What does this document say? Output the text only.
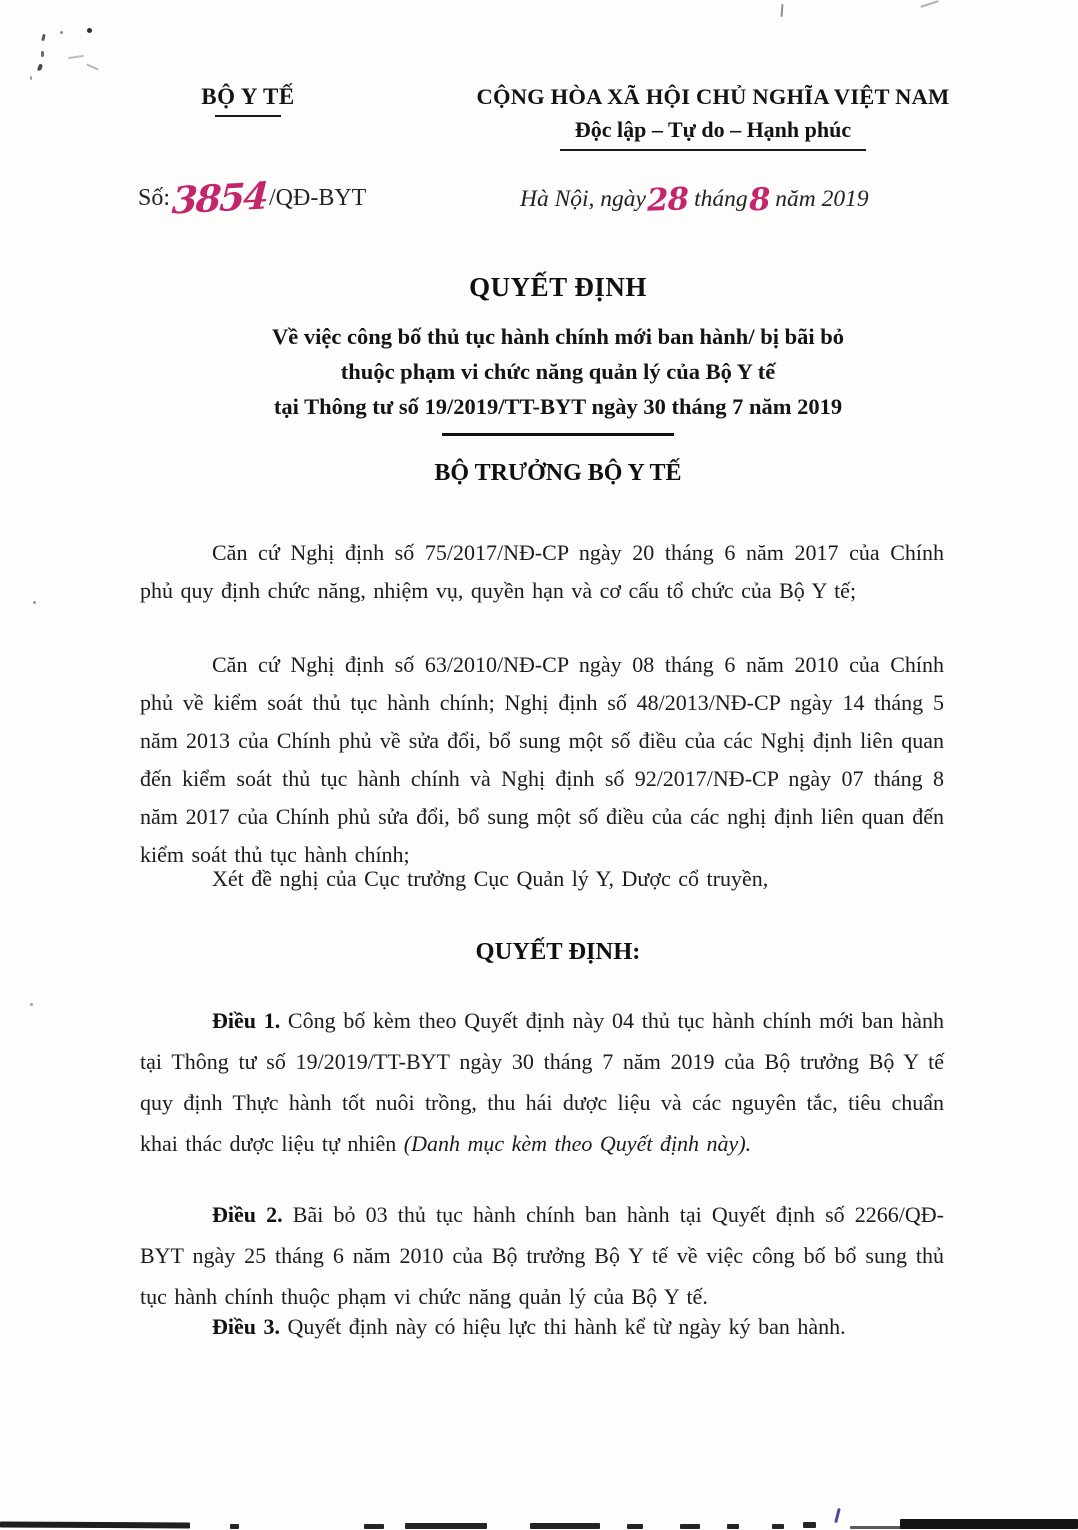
BỘ Y TẾ	CỘNG HÒA XÃ HỘI CHỦ NGHĨA VIỆT NAM
Độc lập – Tự do – Hạnh phúc
Số:3854/QĐ-BYT	Hà Nội, ngày28 tháng8 năm 2019
QUYẾT ĐỊNH
Về việc công bố thủ tục hành chính mới ban hành/ bị bãi bỏ
thuộc phạm vi chức năng quản lý của Bộ Y tế
tại Thông tư số 19/2019/TT-BYT ngày 30 tháng 7 năm 2019
BỘ TRƯỞNG BỘ Y TẾ

Căn cứ Nghị định số 75/2017/NĐ-CP ngày 20 tháng 6 năm 2017 của Chính phủ quy định chức năng, nhiệm vụ, quyền hạn và cơ cấu tổ chức của Bộ Y tế;

Căn cứ Nghị định số 63/2010/NĐ-CP ngày 08 tháng 6 năm 2010 của Chính phủ về kiểm soát thủ tục hành chính; Nghị định số 48/2013/NĐ-CP ngày 14 tháng 5 năm 2013 của Chính phủ về sửa đổi, bổ sung một số điều của các Nghị định liên quan đến kiểm soát thủ tục hành chính và Nghị định số 92/2017/NĐ-CP ngày 07 tháng 8 năm 2017 của Chính phủ sửa đổi, bổ sung một số điều của các nghị định liên quan đến kiểm soát thủ tục hành chính;

Xét đề nghị của Cục trưởng Cục Quản lý Y, Dược cổ truyền,

QUYẾT ĐỊNH:

Điều 1. Công bố kèm theo Quyết định này 04 thủ tục hành chính mới ban hành tại Thông tư số 19/2019/TT-BYT ngày 30 tháng 7 năm 2019 của Bộ trưởng Bộ Y tế quy định Thực hành tốt nuôi trồng, thu hái dược liệu và các nguyên tắc, tiêu chuẩn khai thác dược liệu tự nhiên (Danh mục kèm theo Quyết định này).

Điều 2. Bãi bỏ 03 thủ tục hành chính ban hành tại Quyết định số 2266/QĐ-BYT ngày 25 tháng 6 năm 2010 của Bộ trưởng Bộ Y tế về việc công bố bổ sung thủ tục hành chính thuộc phạm vi chức năng quản lý của Bộ Y tế.

Điều 3. Quyết định này có hiệu lực thi hành kể từ ngày ký ban hành.
